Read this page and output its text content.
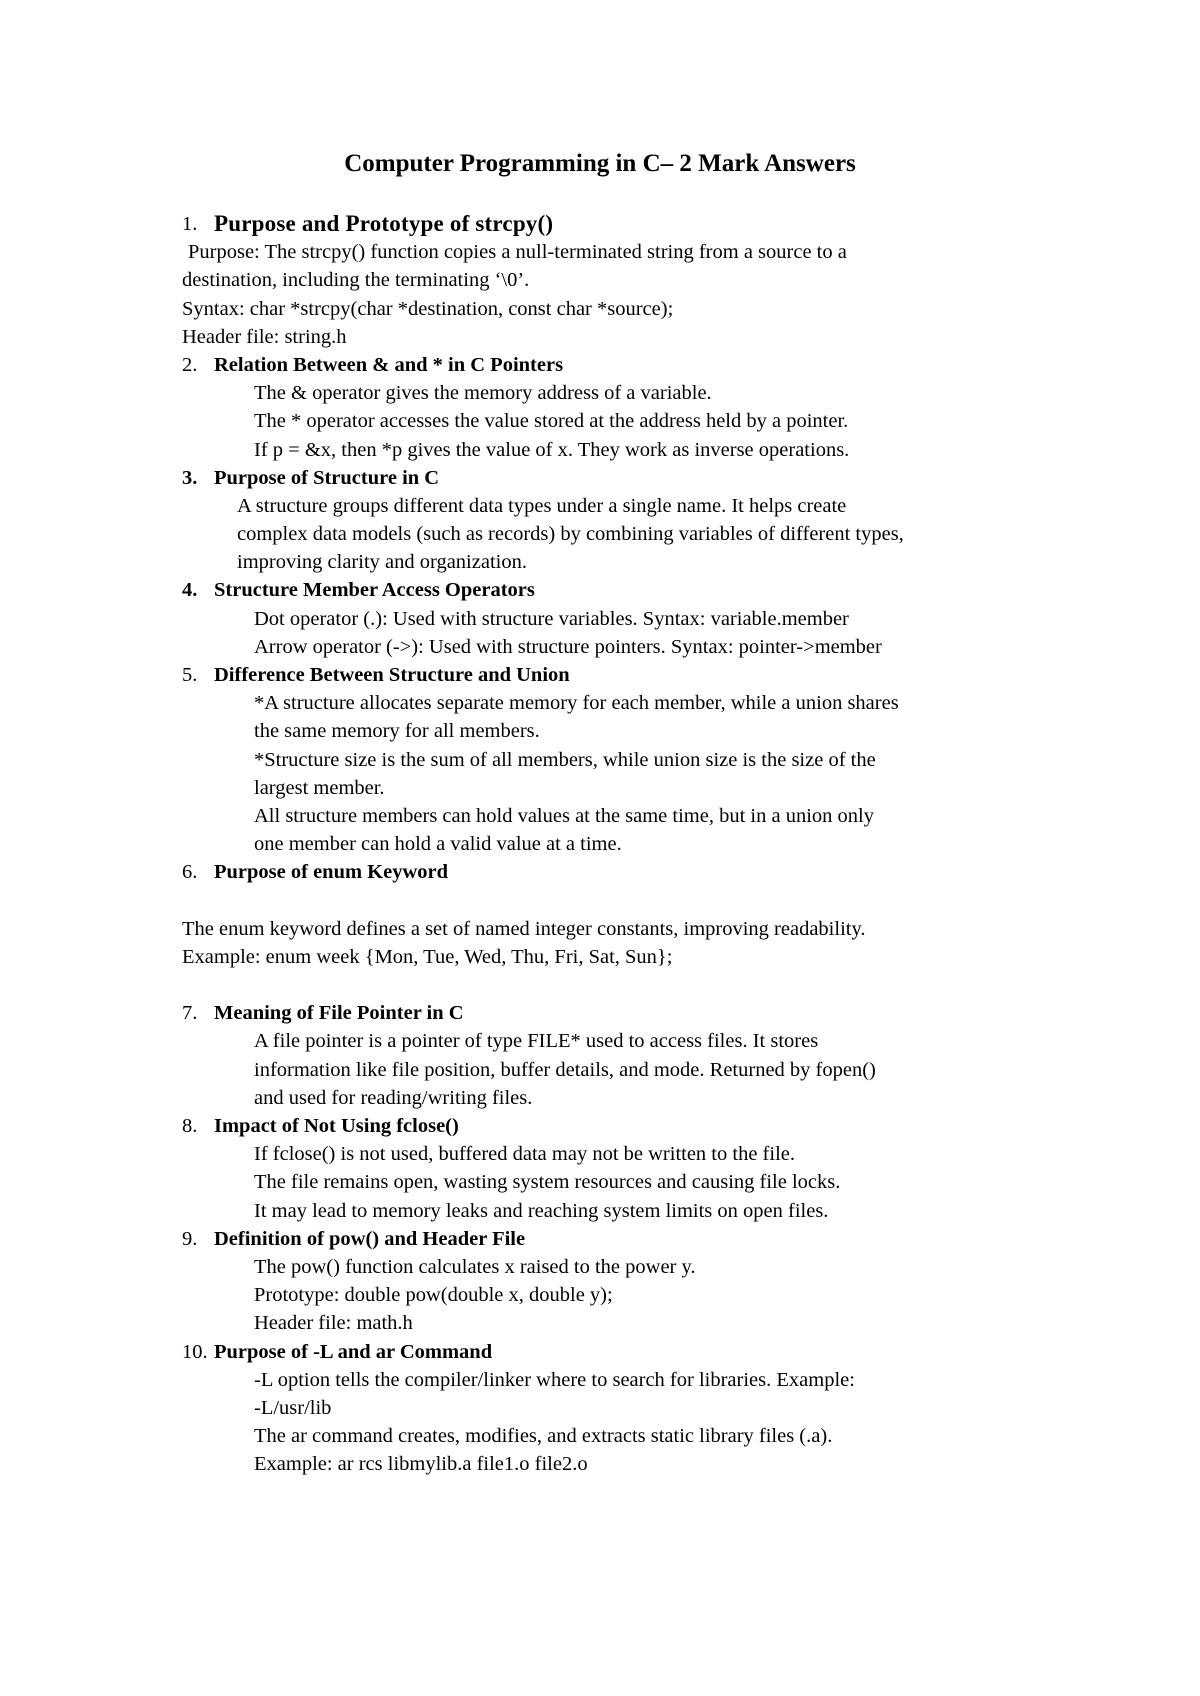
Computer Programming in C– 2 Mark Answers
1. Purpose and Prototype of strcpy()
Purpose: The strcpy() function copies a null-terminated string from a source to a
destination, including the terminating ‘\0’.
Syntax: char *strcpy(char *destination, const char *source);
Header file: string.h
2. Relation Between & and * in C Pointers
The & operator gives the memory address of a variable.
The * operator accesses the value stored at the address held by a pointer.
If p = &x, then *p gives the value of x. They work as inverse operations.
3. Purpose of Structure in C
A structure groups different data types under a single name. It helps create
complex data models (such as records) by combining variables of different types,
improving clarity and organization.
4. Structure Member Access Operators
Dot operator (.): Used with structure variables. Syntax: variable.member
Arrow operator (->): Used with structure pointers. Syntax: pointer->member
5. Difference Between Structure and Union
*A structure allocates separate memory for each member, while a union shares
the same memory for all members.
*Structure size is the sum of all members, while union size is the size of the
largest member.
All structure members can hold values at the same time, but in a union only
one member can hold a valid value at a time.
6. Purpose of enum Keyword
The enum keyword defines a set of named integer constants, improving readability.
Example: enum week {Mon, Tue, Wed, Thu, Fri, Sat, Sun};
7. Meaning of File Pointer in C
A file pointer is a pointer of type FILE* used to access files. It stores
information like file position, buffer details, and mode. Returned by fopen()
and used for reading/writing files.
8. Impact of Not Using fclose()
If fclose() is not used, buffered data may not be written to the file.
The file remains open, wasting system resources and causing file locks.
It may lead to memory leaks and reaching system limits on open files.
9. Definition of pow() and Header File
The pow() function calculates x raised to the power y.
Prototype: double pow(double x, double y);
Header file: math.h
10. Purpose of -L and ar Command
-L option tells the compiler/linker where to search for libraries. Example:
-L/usr/lib
The ar command creates, modifies, and extracts static library files (.a).
Example: ar rcs libmylib.a file1.o file2.o
